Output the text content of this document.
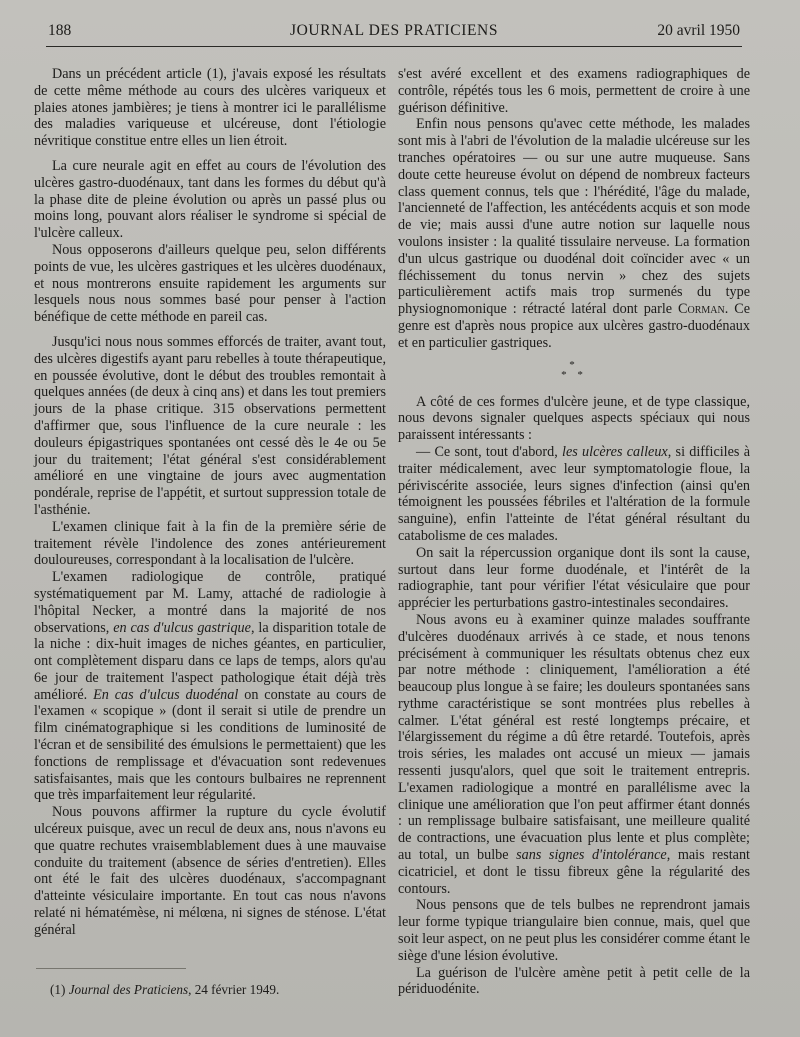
188	JOURNAL DES PRATICIENS	20 avril 1950

Dans un précédent article (1), j'avais exposé les résultats de cette même méthode au cours des ulcères variqueux et plaies atones jambières; je tiens à montrer ici le parallélisme des maladies variqueuse et ulcéreuse, dont l'étiologie névritique constitue entre elles un lien étroit.

La cure neurale agit en effet au cours de l'évolution des ulcères gastro-duodénaux, tant dans les formes du début qu'à la phase dite de pleine évolution ou après un passé plus ou moins long, pouvant alors réaliser le syndrome si spécial de l'ulcère calleux.

Nous opposerons d'ailleurs quelque peu, selon différents points de vue, les ulcères gastriques et les ulcères duodénaux, et nous montrerons ensuite rapidement les arguments sur lesquels nous nous sommes basé pour penser à l'action bénéfique de cette méthode en pareil cas.

Jusqu'ici nous nous sommes efforcés de traiter, avant tout, des ulcères digestifs ayant paru rebelles à toute thérapeutique, en poussée évolutive, dont le début des troubles remontait à quelques années (de deux à cinq ans) et dans les tout premiers jours de la phase critique. 315 observations permettent d'affirmer que, sous l'influence de la cure neurale : les douleurs épigastriques spontanées ont cessé dès le 4e ou 5e jour du traitement; l'état général s'est considérablement amélioré en une vingtaine de jours avec augmentation pondérale, reprise de l'appétit, et surtout suppression totale de l'asthénie.

L'examen clinique fait à la fin de la première série de traitement révèle l'indolence des zones antérieurement douloureuses, correspondant à la localisation de l'ulcère.

L'examen radiologique de contrôle, pratiqué systématiquement par M. Lamy, attaché de radiologie à l'hôpital Necker, a montré dans la majorité de nos observations, en cas d'ulcus gastrique, la disparition totale de la niche : dix-huit images de niches géantes, en particulier, ont complètement disparu dans ce laps de temps, alors qu'au 6e jour de traitement l'aspect pathologique était déjà très amélioré. En cas d'ulcus duodénal on constate au cours de l'examen « scopique » (dont il serait si utile de prendre un film cinématographique si les conditions de luminosité de l'écran et de sensibilité des émulsions le permettaient) que les fonctions de remplissage et d'évacuation sont redevenues satisfaisantes, mais que les contours bulbaires ne reprennent que très imparfaitement leur régularité.

Nous pouvons affirmer la rupture du cycle évolutif ulcéreux puisque, avec un recul de deux ans, nous n'avons eu que quatre rechutes vraisemblablement dues à une mauvaise conduite du traitement (absence de séries d'entretien). Elles ont été le fait des ulcères duodénaux, s'accompagnant d'atteinte vésiculaire importante. En tout cas nous n'avons relaté ni hématémèse, ni mélœna, ni signes de sténose. L'état général

s'est avéré excellent et des examens radiographiques de contrôle, répétés tous les 6 mois, permettent de croire à une guérison définitive.

Enfin nous pensons qu'avec cette méthode, les malades sont mis à l'abri de l'évolution de la maladie ulcéreuse sur les tranches opératoires — ou sur une autre muqueuse. Sans doute cette heureuse évolut on dépend de nombreux facteurs class quement connus, tels que : l'hérédité, l'âge du malade, l'ancienneté de l'affection, les antécédents acquis et son mode de vie; mais aussi d'une autre notion sur laquelle nous voulons insister : la qualité tissulaire nerveuse. La formation d'un ulcus gastrique ou duodénal doit coïncider avec « un fléchissement du tonus nervin » chez des sujets particulièrement actifs mais trop surmenés du type physiognomonique : rétracté latéral dont parle Corman. Ce genre est d'après nous propice aux ulcères gastro-duodénaux et en particulier gastriques.

*
* *

A côté de ces formes d'ulcère jeune, et de type classique, nous devons signaler quelques aspects spéciaux qui nous paraissent intéressants :

— Ce sont, tout d'abord, les ulcères calleux, si difficiles à traiter médicalement, avec leur symptomatologie floue, la périviscérite associée, leurs signes d'infection (ainsi qu'en témoignent les poussées fébriles et l'altération de la formule sanguine), enfin l'atteinte de l'état général résultant du catabolisme de ces malades.

On sait la répercussion organique dont ils sont la cause, surtout dans leur forme duodénale, et l'intérêt de la radiographie, tant pour vérifier l'état vésiculaire que pour apprécier les perturbations gastro-intestinales secondaires.

Nous avons eu à examiner quinze malades souffrante d'ulcères duodénaux arrivés à ce stade, et nous tenons précisément à communiquer les résultats obtenus chez eux par notre méthode : cliniquement, l'amélioration a été beaucoup plus longue à se faire; les douleurs spontanées sans rythme caractéristique se sont montrées plus rebelles à calmer. L'état général est resté longtemps précaire, et l'élargissement du régime a dû être retardé. Toutefois, après trois séries, les malades ont accusé un mieux — jamais ressenti jusqu'alors, quel que soit le traitement entrepris. L'examen radiologique a montré en parallélisme avec la clinique une amélioration que l'on peut affirmer étant donnés : un remplissage bulbaire satisfaisant, une meilleure qualité de contractions, une évacuation plus lente et plus complète; au total, un bulbe sans signes d'intolérance, mais restant cicatriciel, et dont le tissu fibreux gêne la régularité des contours.

Nous pensons que de tels bulbes ne reprendront jamais leur forme typique triangulaire bien connue, mais, quel que soit leur aspect, on ne peut plus les considérer comme étant le siège d'une lésion évolutive.

La guérison de l'ulcère amène petit à petit celle de la périduodénite.

(1) Journal des Praticiens, 24 février 1949.
